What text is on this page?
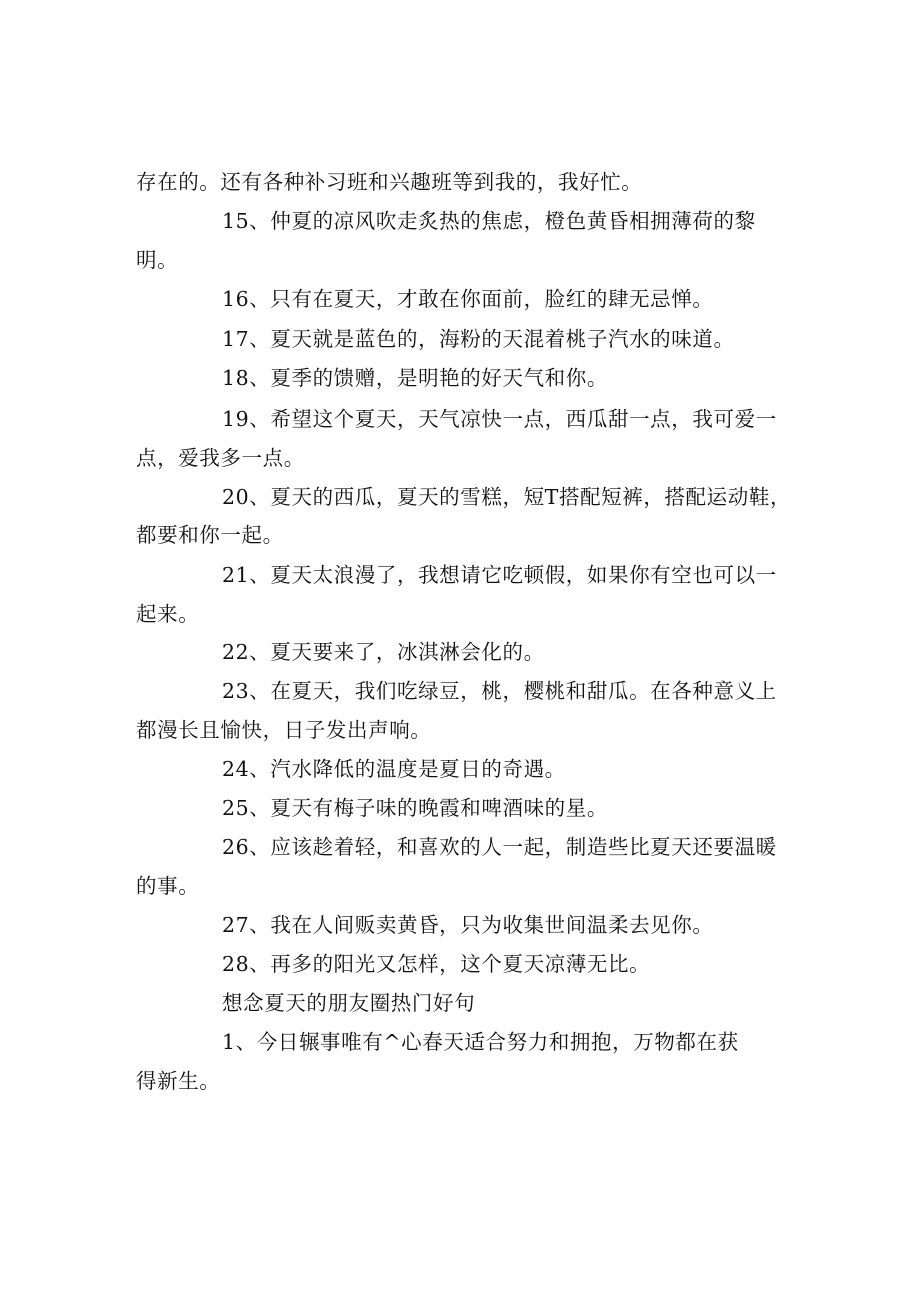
存在的。还有各种补习班和兴趣班等到我的，我好忙。
15、仲夏的凉风吹走炙热的焦虑，橙色黄昏相拥薄荷的黎
明。
16、只有在夏天，才敢在你面前，脸红的肆无忌惮。
17、夏天就是蓝色的，海粉的天混着桃子汽水的味道。
18、夏季的馈赠，是明艳的好天气和你。
19、希望这个夏天，天气凉快一点，西瓜甜一点，我可爱一
点，爱我多一点。
20、夏天的西瓜，夏天的雪糕，短T搭配短裤，搭配运动鞋，
都要和你一起。
21、夏天太浪漫了，我想请它吃顿假，如果你有空也可以一
起来。
22、夏天要来了，冰淇淋会化的。
23、在夏天，我们吃绿豆，桃，樱桃和甜瓜。在各种意义上
都漫长且愉快，日子发出声响。
24、汽水降低的温度是夏日的奇遇。
25、夏天有梅子味的晚霞和啤酒味的星。
26、应该趁着轻，和喜欢的人一起，制造些比夏天还要温暖
的事。
27、我在人间贩卖黄昏，只为收集世间温柔去见你。
28、再多的阳光又怎样，这个夏天凉薄无比。
想念夏天的朋友圈热门好句
1、今日辗事唯有^心春天适合努力和拥抱，万物都在获
得新生。
